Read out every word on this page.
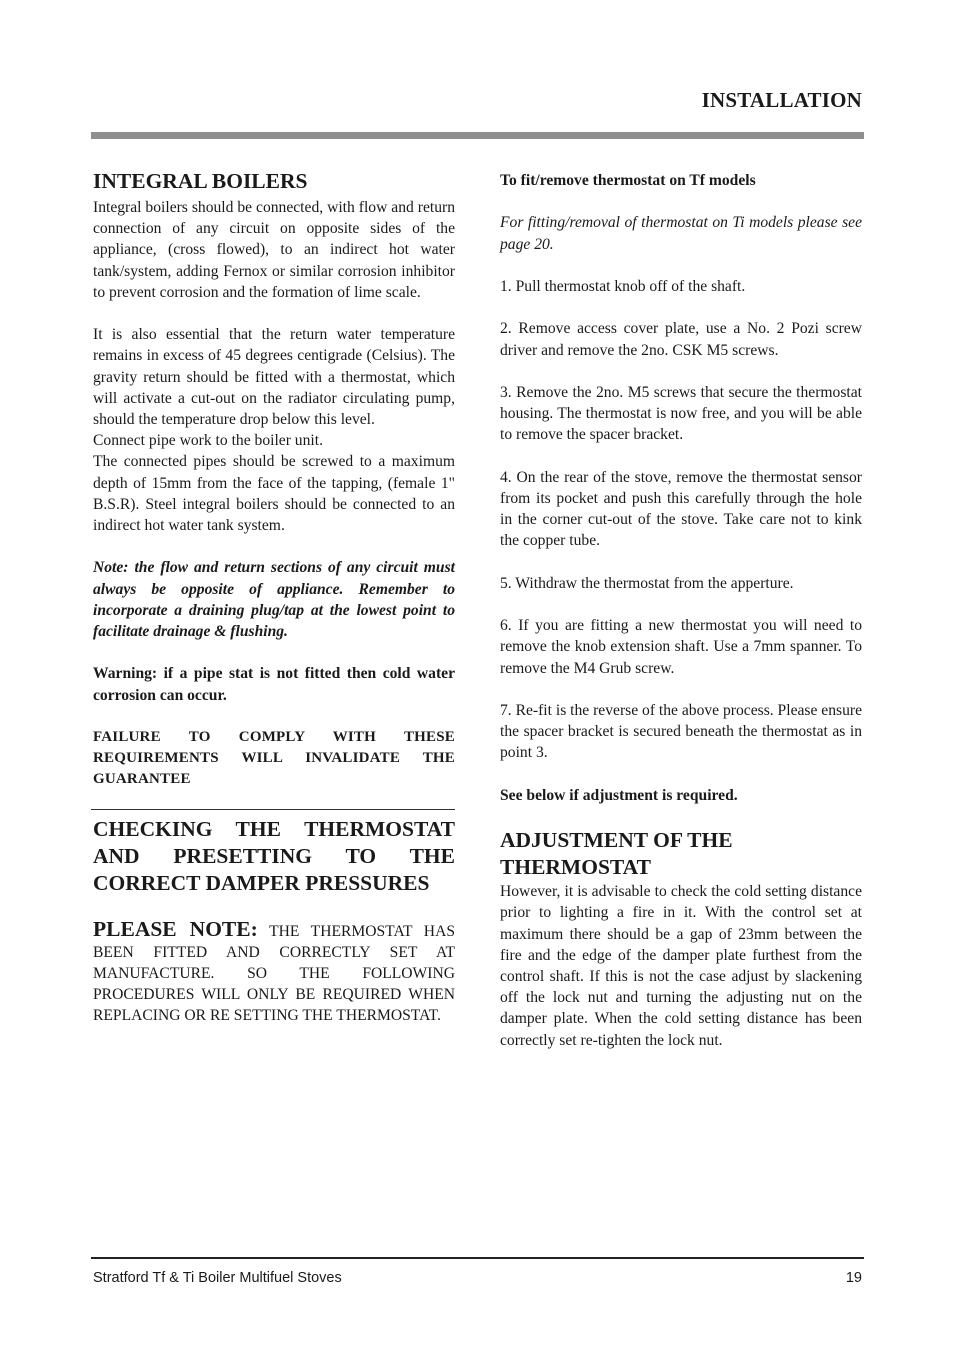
INSTALLATION
INTEGRAL BOILERS

Integral boilers should be connected, with flow and return connection of any circuit on opposite sides of the appliance, (cross flowed), to an indirect hot water tank/system, adding Fernox or similar corrosion inhibitor to prevent corrosion and the formation of lime scale.

It is also essential that the return water temperature remains in excess of 45 degrees centigrade (Celsius). The gravity return should be fitted with a thermostat, which will activate a cut-out on the radiator circulating pump, should the temperature drop below this level.

Connect pipe work to the boiler unit.

The connected pipes should be screwed to a maximum depth of 15mm from the face of the tapping, (female 1" B.S.R). Steel integral boilers should be connected to an indirect hot water tank system.

Note: the flow and return sections of any circuit must always be opposite of appliance. Remember to incorporate a draining plug/tap at the lowest point to facilitate drainage & flushing.

Warning: if a pipe stat is not fitted then cold water corrosion can occur.

FAILURE TO COMPLY WITH THESE REQUIREMENTS WILL INVALIDATE THE GUARANTEE

CHECKING THE THERMOSTAT AND PRESETTING TO THE CORRECT DAMPER PRESSURES

PLEASE NOTE: THE THERMOSTAT HAS BEEN FITTED AND CORRECTLY SET AT MANUFACTURE. SO THE FOLLOWING PROCEDURES WILL ONLY BE REQUIRED WHEN REPLACING OR RE SETTING THE THERMOSTAT.

To fit/remove thermostat on Tf models

For fitting/removal of thermostat on Ti models please see page 20.

1. Pull thermostat knob off of the shaft.

2. Remove access cover plate, use a No. 2 Pozi screw driver and remove the 2no. CSK M5 screws.

3. Remove the 2no. M5 screws that secure the thermostat housing. The thermostat is now free, and you will be able to remove the spacer bracket.

4. On the rear of the stove, remove the thermostat sensor from its pocket and push this carefully through the hole in the corner cut-out of the stove. Take care not to kink the copper tube.

5. Withdraw the thermostat from the apperture.

6. If you are fitting a new thermostat you will need to remove the knob extension shaft. Use a 7mm spanner. To remove the M4 Grub screw.

7. Re-fit is the reverse of the above process. Please ensure the spacer bracket is secured beneath the thermostat as in point 3.

See below if adjustment is required.

ADJUSTMENT OF THE
THERMOSTAT

However, it is advisable to check the cold setting distance prior to lighting a fire in it. With the control set at maximum there should be a gap of 23mm between the fire and the edge of the damper plate furthest from the control shaft. If this is not the case adjust by slackening off the lock nut and turning the adjusting nut on the damper plate. When the cold setting distance has been correctly set re-tighten the lock nut.

Stratford Tf & Ti Boiler Multifuel Stoves	19
